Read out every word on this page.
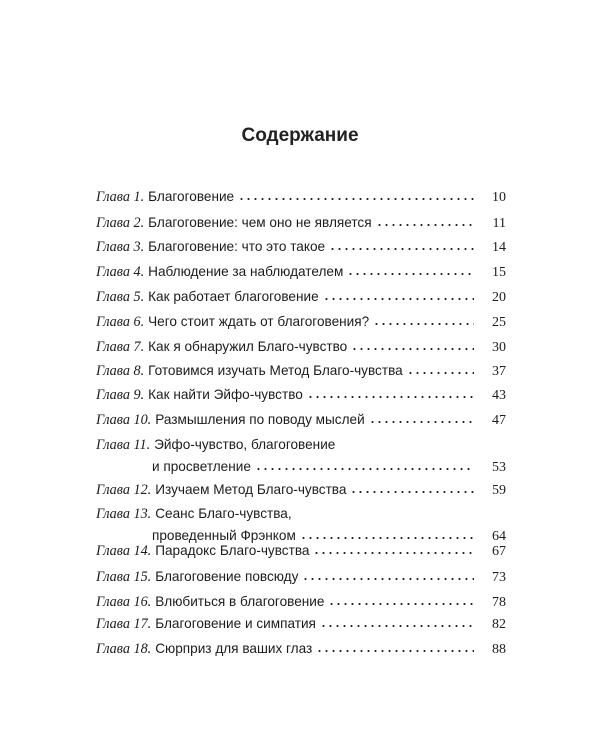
Содержание
Глава 1. Благоговение	10
Глава 2. Благоговение: чем оно не является	11
Глава 3. Благоговение: что это такое	14
Глава 4. Наблюдение за наблюдателем	15
Глава 5. Как работает благоговение	20
Глава 6. Чего стоит ждать от благоговения?	25
Глава 7. Как я обнаружил Благо-чувство	30
Глава 8. Готовимся изучать Метод Благо-чувства	37
Глава 9. Как найти Эйфо-чувство	43
Глава 10. Размышления по поводу мыслей	47
Глава 11. Эйфо-чувство, благоговение
и просветление	53
Глава 12. Изучаем Метод Благо-чувства	59
Глава 13. Сеанс Благо-чувства,
проведенный Фрэнком	64
Глава 14. Парадокс Благо-чувства	67
Глава 15. Благоговение повсюду	73
Глава 16. Влюбиться в благоговение	78
Глава 17. Благоговение и симпатия	82
Глава 18. Сюрприз для ваших глаз	88
